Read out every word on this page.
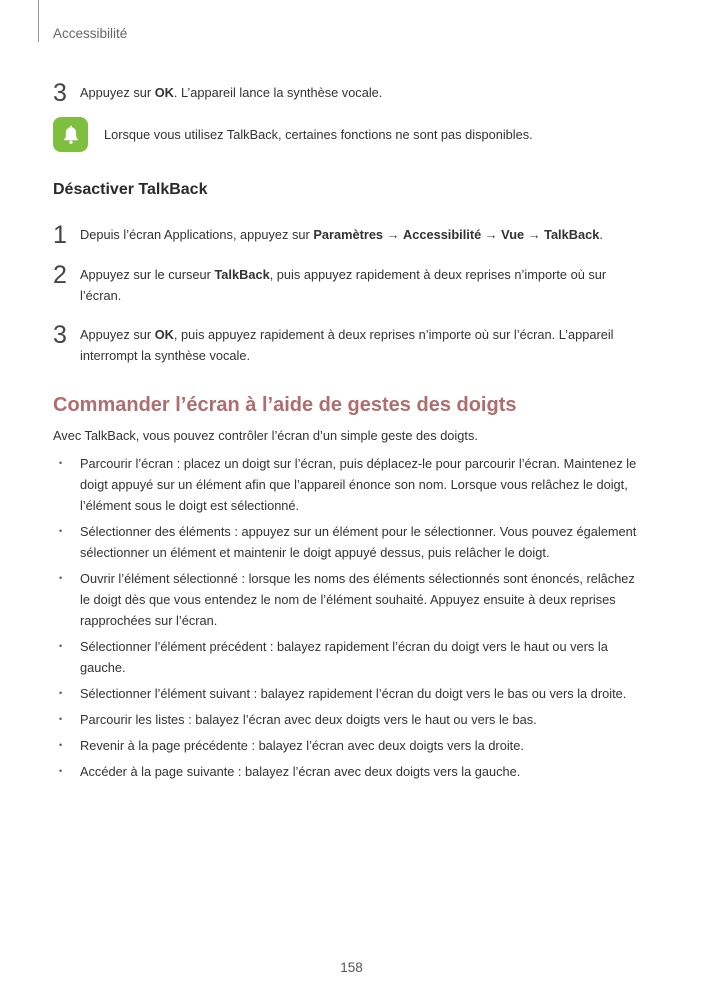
Accessibilité
3	Appuyez sur OK. L’appareil lance la synthèse vocale.
Lorsque vous utilisez TalkBack, certaines fonctions ne sont pas disponibles.
Désactiver TalkBack
1	Depuis l’écran Applications, appuyez sur Paramètres → Accessibilité → Vue → TalkBack.
2	Appuyez sur le curseur TalkBack, puis appuyez rapidement à deux reprises n’importe où sur l’écran.
3	Appuyez sur OK, puis appuyez rapidement à deux reprises n’importe où sur l’écran. L’appareil interrompt la synthèse vocale.
Commander l’écran à l’aide de gestes des doigts
Avec TalkBack, vous pouvez contrôler l’écran d’un simple geste des doigts.
• Parcourir l’écran : placez un doigt sur l’écran, puis déplacez-le pour parcourir l’écran. Maintenez le doigt appuyé sur un élément afin que l’appareil énonce son nom. Lorsque vous relâchez le doigt, l’élément sous le doigt est sélectionné.
• Sélectionner des éléments : appuyez sur un élément pour le sélectionner. Vous pouvez également sélectionner un élément et maintenir le doigt appuyé dessus, puis relâcher le doigt.
• Ouvrir l’élément sélectionné : lorsque les noms des éléments sélectionnés sont énoncés, relâchez le doigt dès que vous entendez le nom de l’élément souhaité. Appuyez ensuite à deux reprises rapprochées sur l’écran.
• Sélectionner l’élément précédent : balayez rapidement l’écran du doigt vers le haut ou vers la gauche.
• Sélectionner l’élément suivant : balayez rapidement l’écran du doigt vers le bas ou vers la droite.
• Parcourir les listes : balayez l’écran avec deux doigts vers le haut ou vers le bas.
• Revenir à la page précédente : balayez l’écran avec deux doigts vers la droite.
• Accéder à la page suivante : balayez l’écran avec deux doigts vers la gauche.
158
